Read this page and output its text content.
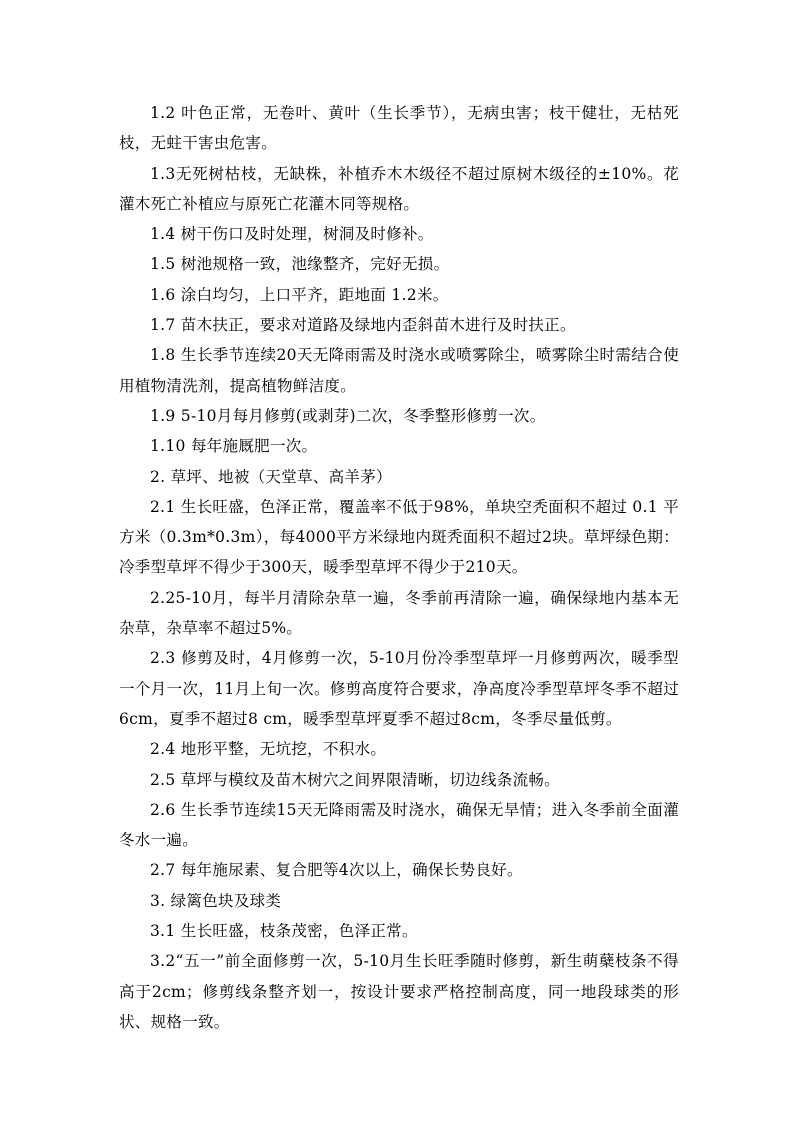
1.2 叶色正常，无卷叶、黄叶（生长季节），无病虫害；枝干健壮，无枯死枝，无蛀干害虫危害。

1.3无死树枯枝，无缺株，补植乔木木级径不超过原树木级径的±10%。花灌木死亡补植应与原死亡花灌木同等规格。

1.4 树干伤口及时处理，树洞及时修补。

1.5 树池规格一致，池缘整齐，完好无损。

1.6 涂白均匀，上口平齐，距地面 1.2米。

1.7 苗木扶正，要求对道路及绿地内歪斜苗木进行及时扶正。

1.8 生长季节连续20天无降雨需及时浇水或喷雾除尘，喷雾除尘时需结合使用植物清洗剂，提高植物鲜洁度。

1.9 5-10月每月修剪(或剥芽)二次，冬季整形修剪一次。

1.10 每年施厩肥一次。

2. 草坪、地被（天堂草、高羊茅）

2.1 生长旺盛，色泽正常，覆盖率不低于98%，单块空秃面积不超过 0.1 平方米（0.3m*0.3m），每4000平方米绿地内斑秃面积不超过2块。草坪绿色期：冷季型草坪不得少于300天，暖季型草坪不得少于210天。

2.25-10月，每半月清除杂草一遍，冬季前再清除一遍，确保绿地内基本无杂草，杂草率不超过5%。

2.3 修剪及时，4月修剪一次，5-10月份冷季型草坪一月修剪两次，暖季型一个月一次，11月上旬一次。修剪高度符合要求，净高度冷季型草坪冬季不超过6cm，夏季不超过8 cm，暖季型草坪夏季不超过8cm，冬季尽量低剪。

2.4 地形平整，无坑挖，不积水。

2.5 草坪与模纹及苗木树穴之间界限清晰，切边线条流畅。

2.6 生长季节连续15天无降雨需及时浇水，确保无旱情；进入冬季前全面灌冬水一遍。

2.7 每年施尿素、复合肥等4次以上，确保长势良好。

3. 绿篱色块及球类

3.1 生长旺盛，枝条茂密，色泽正常。

3.2“五一”前全面修剪一次，5-10月生长旺季随时修剪，新生萌蘖枝条不得高于2cm；修剪线条整齐划一，按设计要求严格控制高度，同一地段球类的形状、规格一致。
